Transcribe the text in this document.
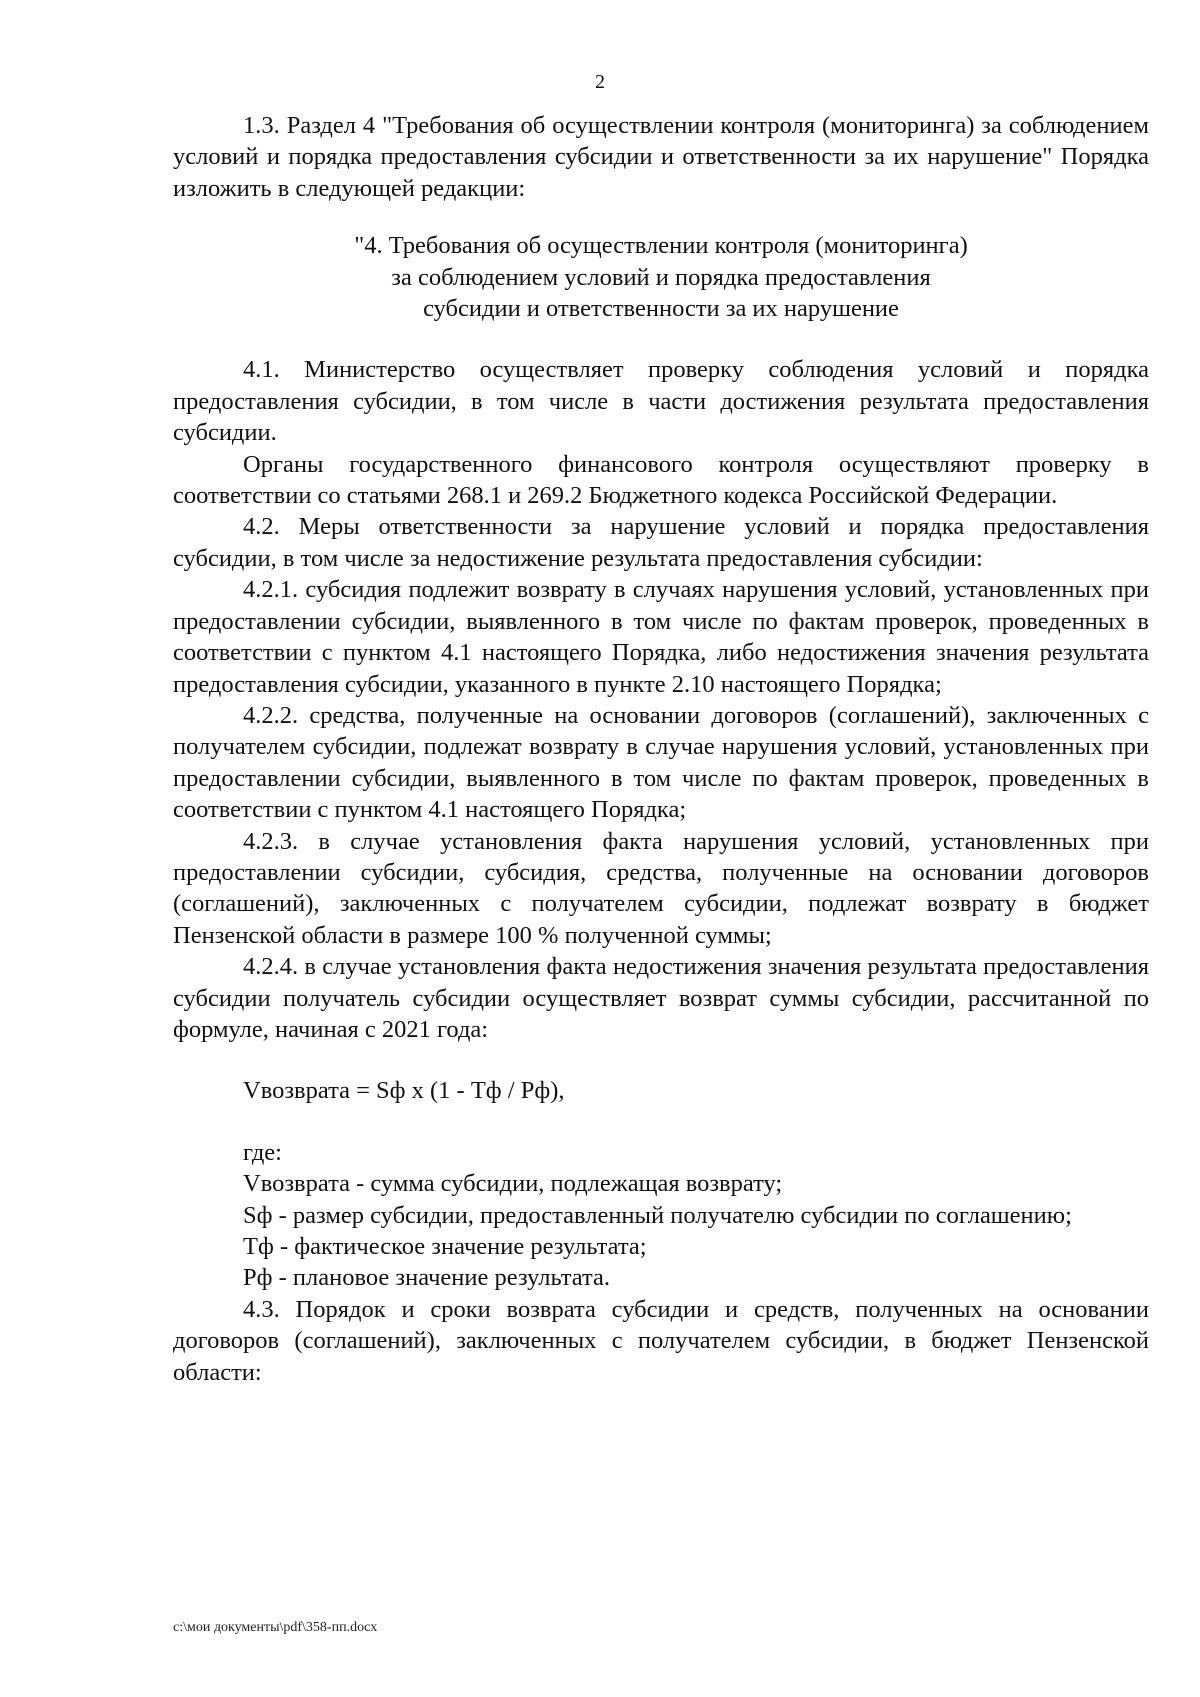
2

1.3. Раздел 4 "Требования об осуществлении контроля (мониторинга) за соблюдением условий и порядка предоставления субсидии и ответственности за их нарушение" Порядка изложить в следующей редакции:

"4. Требования об осуществлении контроля (мониторинга)
за соблюдением условий и порядка предоставления
субсидии и ответственности за их нарушение

4.1. Министерство осуществляет проверку соблюдения условий и порядка предоставления субсидии, в том числе в части достижения результата предоставления субсидии.

Органы государственного финансового контроля осуществляют проверку в соответствии со статьями 268.1 и 269.2 Бюджетного кодекса Российской Федерации.

4.2. Меры ответственности за нарушение условий и порядка предоставления субсидии, в том числе за недостижение результата предоставления субсидии:

4.2.1. субсидия подлежит возврату в случаях нарушения условий, установленных при предоставлении субсидии, выявленного в том числе по фактам проверок, проведенных в соответствии с пунктом 4.1 настоящего Порядка, либо недостижения значения результата предоставления субсидии, указанного в пункте 2.10 настоящего Порядка;

4.2.2. средства, полученные на основании договоров (соглашений), заключенных с получателем субсидии, подлежат возврату в случае нарушения условий, установленных при предоставлении субсидии, выявленного в том числе по фактам проверок, проведенных в соответствии с пунктом 4.1 настоящего Порядка;

4.2.3. в случае установления факта нарушения условий, установленных при предоставлении субсидии, субсидия, средства, полученные на основании договоров (соглашений), заключенных с получателем субсидии, подлежат возврату в бюджет Пензенской области в размере 100 % полученной суммы;

4.2.4. в случае установления факта недостижения значения результата предоставления субсидии получатель субсидии осуществляет возврат суммы субсидии, рассчитанной по формуле, начиная с 2021 года:

Vвозврата = Sф x (1 - Тф / Рф),

где:

Vвозврата - сумма субсидии, подлежащая возврату;

Sф - размер субсидии, предоставленный получателю субсидии по соглашению;

Тф - фактическое значение результата;

Рф - плановое значение результата.

4.3. Порядок и сроки возврата субсидии и средств, полученных на основании договоров (соглашений), заключенных с получателем субсидии, в бюджет Пензенской области:

c:\мои документы\pdf\358-пп.docx
